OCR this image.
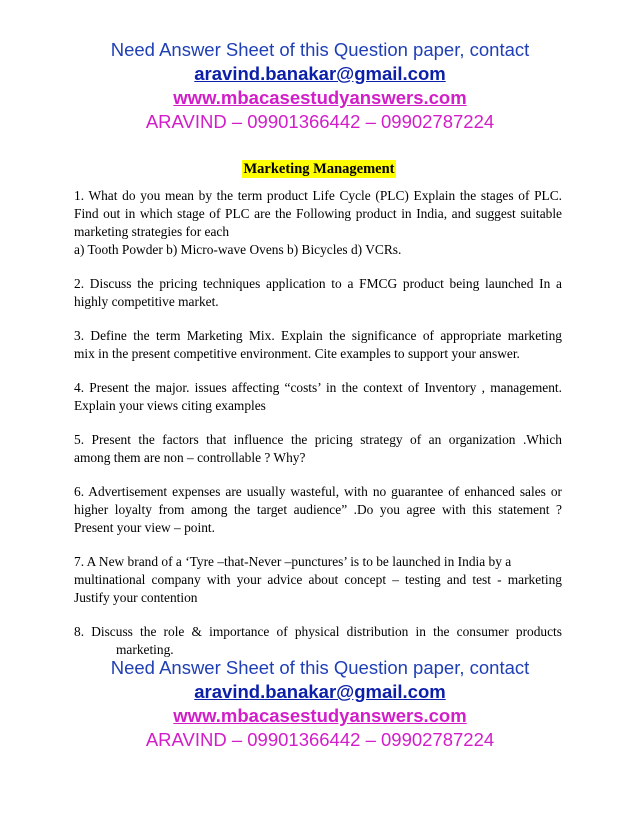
Need Answer Sheet of this Question paper, contact
aravind.banakar@gmail.com
www.mbacasestudyanswers.com
ARAVIND – 09901366442 – 09902787224
Marketing Management
1. What do you mean by the term product Life Cycle (PLC) Explain the stages of PLC.
Find out in which stage of PLC are the Following product in India, and suggest suitable
marketing strategies for each
a) Tooth Powder b) Micro-wave Ovens b) Bicycles d) VCRs.
2. Discuss the pricing techniques application to a FMCG product being launched In a
highly competitive market.
3. Define the term Marketing Mix. Explain the significance of appropriate marketing
mix in the present competitive environment. Cite examples to support your answer.
4. Present the major. issues affecting “costs’ in the context of Inventory , management.
Explain your views citing examples
5. Present the factors that influence the pricing strategy of an organization .Which
among them are non – controllable ? Why?
6. Advertisement expenses are usually wasteful, with no guarantee of enhanced sales or
higher loyalty from among the target audience” .Do you agree with this statement ?
Present your view – point.
7. A New brand of a ‘Tyre –that-Never –punctures’ is to be launched in India by a
multinational company with your advice about concept – testing and test - marketing
Justify your contention
8. Discuss the role & importance of physical distribution in the consumer products
marketing.
Need Answer Sheet of this Question paper, contact
aravind.banakar@gmail.com
www.mbacasestudyanswers.com
ARAVIND – 09901366442 – 09902787224
